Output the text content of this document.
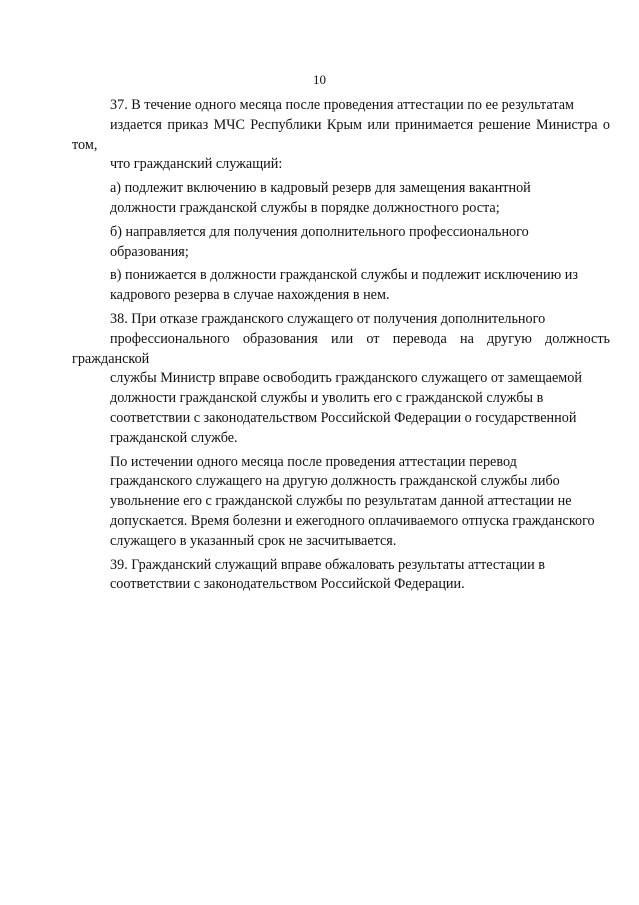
10

37. В течение одного месяца после проведения аттестации по ее результатам
издается приказ МЧС Республики Крым или принимается решение Министра о том,
что гражданский служащий:

а) подлежит включению в кадровый резерв для замещения вакантной
должности гражданской службы в порядке должностного роста;

б) направляется для получения дополнительного профессионального
образования;

в) понижается в должности гражданской службы и подлежит исключению из
кадрового резерва в случае нахождения в нем.

38. При отказе гражданского служащего от получения дополнительного
профессионального образования или от перевода на другую должность гражданской
службы Министр вправе освободить гражданского служащего от замещаемой
должности гражданской службы и уволить его с гражданской службы в
соответствии с законодательством Российской Федерации о государственной
гражданской службе.

По истечении одного месяца после проведения аттестации перевод
гражданского служащего на другую должность гражданской службы либо
увольнение его с гражданской службы по результатам данной аттестации не
допускается. Время болезни и ежегодного оплачиваемого отпуска гражданского
служащего в указанный срок не засчитывается.

39. Гражданский служащий вправе обжаловать результаты аттестации в
соответствии с законодательством Российской Федерации.
